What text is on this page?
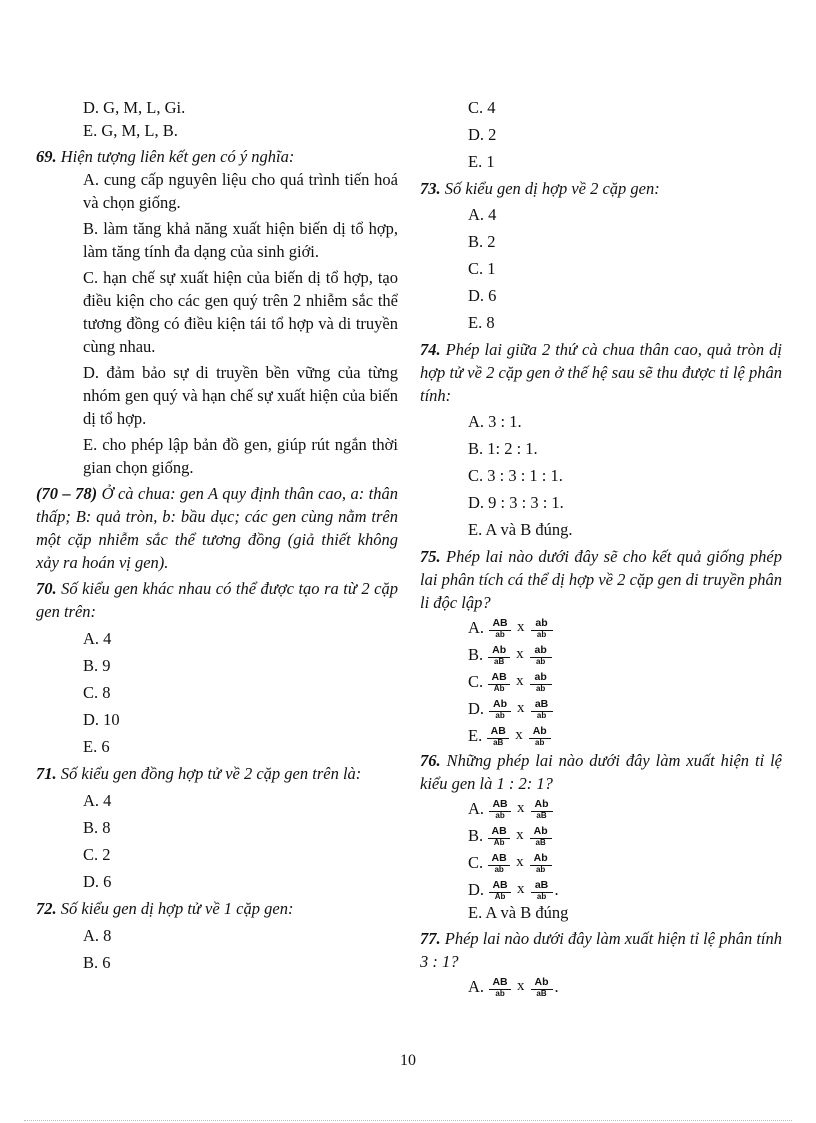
D. G, M, L, Gi.

E. G, M, L, B.

69. Hiện tượng liên kết gen có ý nghĩa:

A. cung cấp nguyên liệu cho quá trình tiến hoá và chọn giống.

B. làm tăng khả năng xuất hiện biến dị tổ hợp, làm tăng tính đa dạng của sinh giới.

C. hạn chế sự xuất hiện của biến dị tổ hợp, tạo điều kiện cho các gen quý trên 2 nhiễm sắc thể tương đồng có điều kiện tái tổ hợp và di truyền cùng nhau.

D. đảm bảo sự di truyền bền vững của từng nhóm gen quý và hạn chế sự xuất hiện của biến dị tổ hợp.

E. cho phép lập bản đồ gen, giúp rút ngắn thời gian chọn giống.

(70 – 78) Ở cà chua: gen A quy định thân cao, a: thân thấp; B: quả tròn, b: bầu dục; các gen cùng nằm trên một cặp nhiễm sắc thể tương đồng (giả thiết không xảy ra hoán vị gen).

70. Số kiểu gen khác nhau có thể được tạo ra từ 2 cặp gen trên:

A. 4

B. 9

C. 8

D. 10

E. 6

71. Số kiểu gen đồng hợp tử về 2 cặp gen trên là:

A. 4

B. 8

C. 2

D. 6

72. Số kiểu gen dị hợp tử về 1 cặp gen:

A. 8

B. 6

C. 4

D. 2

E. 1

73. Số kiểu gen dị hợp về 2 cặp gen:

A. 4

B. 2

C. 1

D. 6

E. 8

74. Phép lai giữa 2 thứ cà chua thân cao, quả tròn dị hợp tử về 2 cặp gen ở thế hệ sau sẽ thu được tỉ lệ phân tính:

A. 3 : 1.

B. 1: 2 : 1.

C. 3 : 3 : 1 : 1.

D. 9 : 3 : 3 : 1.

E. A và B đúng.

75. Phép lai nào dưới đây sẽ cho kết quả giống phép lai phân tích cá thể dị hợp về 2 cặp gen di truyền phân li độc lập?

A. $\frac{AB}{ab}$ x $\frac{ab}{ab}$
B. $\frac{Ab}{aB}$ x $\frac{ab}{ab}$
C. $\frac{AB}{Ab}$ x $\frac{ab}{ab}$
D. $\frac{Ab}{ab}$ x $\frac{aB}{ab}$
E. $\frac{AB}{aB}$ x $\frac{Ab}{ab}$

76. Những phép lai nào dưới đây làm xuất hiện tỉ lệ kiểu gen là 1 : 2: 1?

A. $\frac{AB}{ab}$ x $\frac{Ab}{aB}$
B. $\frac{AB}{Ab}$ x $\frac{Ab}{aB}$
C. $\frac{AB}{ab}$ x $\frac{Ab}{ab}$
D. $\frac{AB}{Ab}$ x $\frac{aB}{ab}$ .

E. A và B đúng

77. Phép lai nào dưới đây làm xuất hiện tỉ lệ phân tính 3 : 1?

A. $\frac{AB}{ab}$ x $\frac{Ab}{aB}$ .
10
